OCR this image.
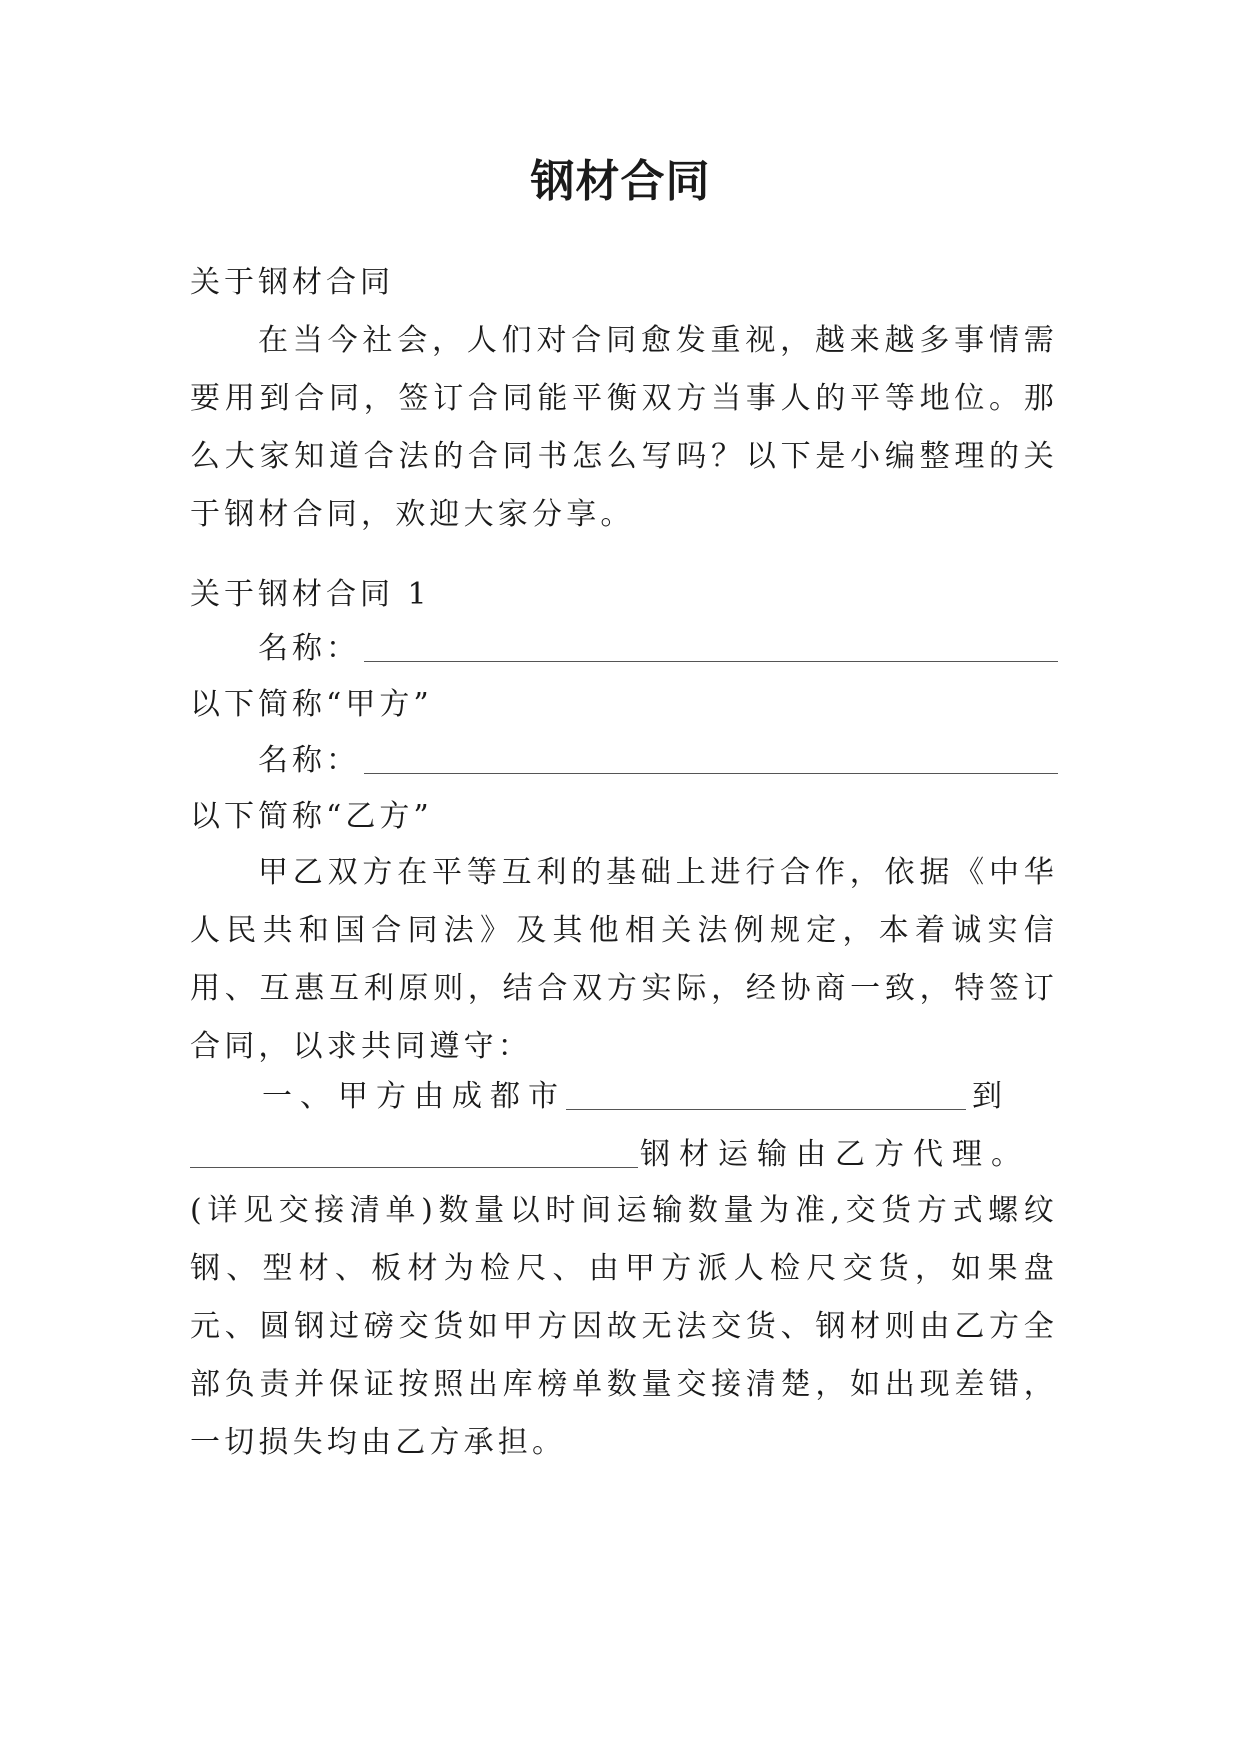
钢材合同
关于钢材合同
在当今社会，人们对合同愈发重视，越来越多事情需要用到合同，签订合同能平衡双方当事人的平等地位。那么大家知道合法的合同书怎么写吗？以下是小编整理的关于钢材合同，欢迎大家分享。
关于钢材合同 1
名称：
以下简称“甲方”
名称：
以下简称“乙方”
甲乙双方在平等互利的基础上进行合作，依据《中华人民共和国合同法》及其他相关法例规定，本着诚实信用、互惠互利原则，结合双方实际，经协商一致，特签订合同，以求共同遵守：
一、甲方由成都市	到
钢材运输由乙方代理。
(详见交接清单)数量以时间运输数量为准,交货方式螺纹钢、型材、板材为检尺、由甲方派人检尺交货，如果盘元、圆钢过磅交货如甲方因故无法交货、钢材则由乙方全部负责并保证按照出库榜单数量交接清楚，如出现差错，一切损失均由乙方承担。
